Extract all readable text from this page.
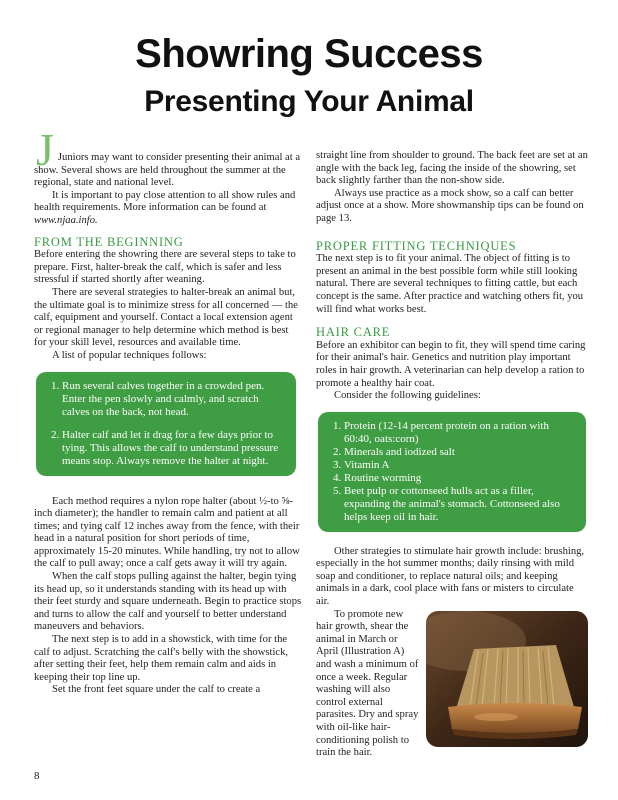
Showring Success
Presenting Your Animal
J Juniors may want to consider presenting their animal at a show. Several shows are held throughout the summer at the regional, state and national level.

It is important to pay close attention to all show rules and health requirements. More information can be found at www.njaa.info.

FROM THE BEGINNING

Before entering the showring there are several steps to take to prepare. First, halter-break the calf, which is safer and less stressful if started shortly after weaning.

There are several strategies to halter-break an animal but, the ultimate goal is to minimize stress for all concerned — the calf, equipment and yourself. Contact a local extension agent or regional manager to help determine which method is best for your skill level, resources and available time.

A list of popular techniques follows:

1. Run several calves together in a crowded pen. Enter the pen slowly and calmly, and scratch calves on the back, not head.
2. Halter calf and let it drag for a few days prior to tying. This allows the calf to understand pressure means stop. Always remove the halter at night.

Each method requires a nylon rope halter (about ½-to ⅝-inch diameter); the handler to remain calm and patient at all times; and tying calf 12 inches away from the fence, with their head in a natural position for short periods of time, approximately 15-20 minutes. While handling, try not to allow the calf to pull away; once a calf gets away it will try again.

When the calf stops pulling against the halter, begin tying its head up, so it understands standing with its head up with their feet sturdy and square underneath. Begin to practice stops and turns to allow the calf and yourself to better understand maneuvers and behaviors.

The next step is to add in a showstick, with time for the calf to adjust. Scratching the calf's belly with the showstick, after setting their feet, help them remain calm and aids in keeping their top line up.

Set the front feet square under the calf to create a

straight line from shoulder to ground. The back feet are set at an angle with the back leg, facing the inside of the showring, set back slightly farther than the non-show side.

Always use practice as a mock show, so a calf can better adjust once at a show. More showmanship tips can be found on page 13.

PROPER FITTING TECHNIQUES

The next step is to fit your animal. The object of fitting is to present an animal in the best possible form while still looking natural. There are several techniques to fitting cattle, but each concept is the same. After practice and watching others fit, you will find what works best.

HAIR CARE

Before an exhibitor can begin to fit, they will spend time caring for their animal's hair. Genetics and nutrition play important roles in hair growth. A veterinarian can help develop a ration to promote a healthy hair coat.

Consider the following guidelines:

1. Protein (12-14 percent protein on a ration with 60:40, oats:corn)
2. Minerals and iodized salt
3. Vitamin A
4. Routine worming
5. Beet pulp or cottonseed hulls act as a filler, expanding the animal's stomach. Cottonseed also helps keep oil in hair.

Other strategies to stimulate hair growth include: brushing, especially in the hot summer months; daily rinsing with mild soap and conditioner, to replace natural oils; and keeping animals in a dark, cool place with fans or misters to circulate air.

To promote new hair growth, shear the animal in March or April (Illustration A) and wash a minimum of once a week. Regular washing will also control external parasites. Dry and spray with oil-like hair-conditioning polish to train the hair.

8
